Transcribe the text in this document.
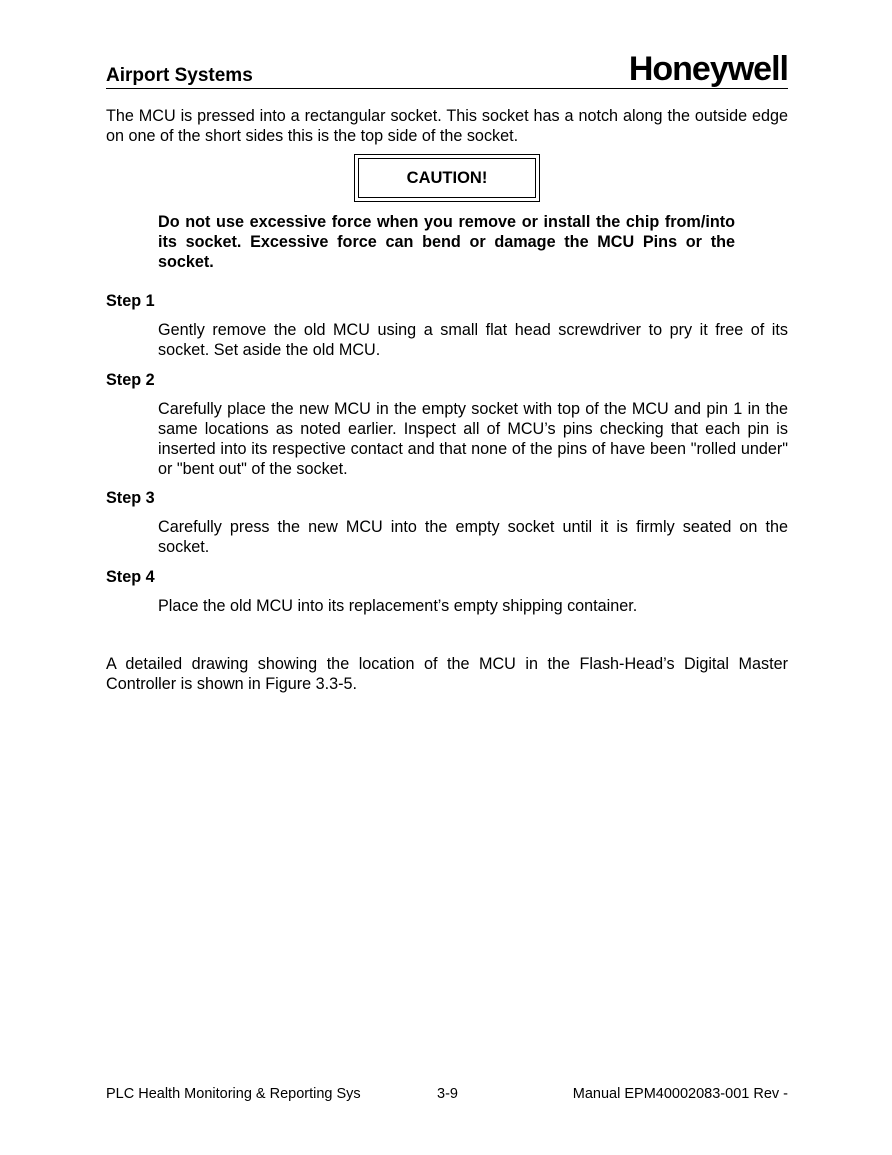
Airport Systems	Honeywell

The MCU is pressed into a rectangular socket. This socket has a notch along the outside edge on one of the short sides this is the top side of the socket.

CAUTION!

Do not use excessive force when you remove or install the chip from/into its socket. Excessive force can bend or damage the MCU Pins or the socket.

Step 1

Gently remove the old MCU using a small flat head screwdriver to pry it free of its socket. Set aside the old MCU.

Step 2

Carefully place the new MCU in the empty socket with top of the MCU and pin 1 in the same locations as noted earlier. Inspect all of MCU’s pins checking that each pin is inserted into its respective contact and that none of the pins of have been "rolled under" or "bent out" of the socket.

Step 3

Carefully press the new MCU into the empty socket until it is firmly seated on the socket.

Step 4

Place the old MCU into its replacement’s empty shipping container.

A detailed drawing showing the location of the MCU in the Flash-Head’s Digital Master Controller is shown in Figure 3.3-5.

PLC Health Monitoring & Reporting Sys	3-9	Manual EPM40002083-001 Rev -
